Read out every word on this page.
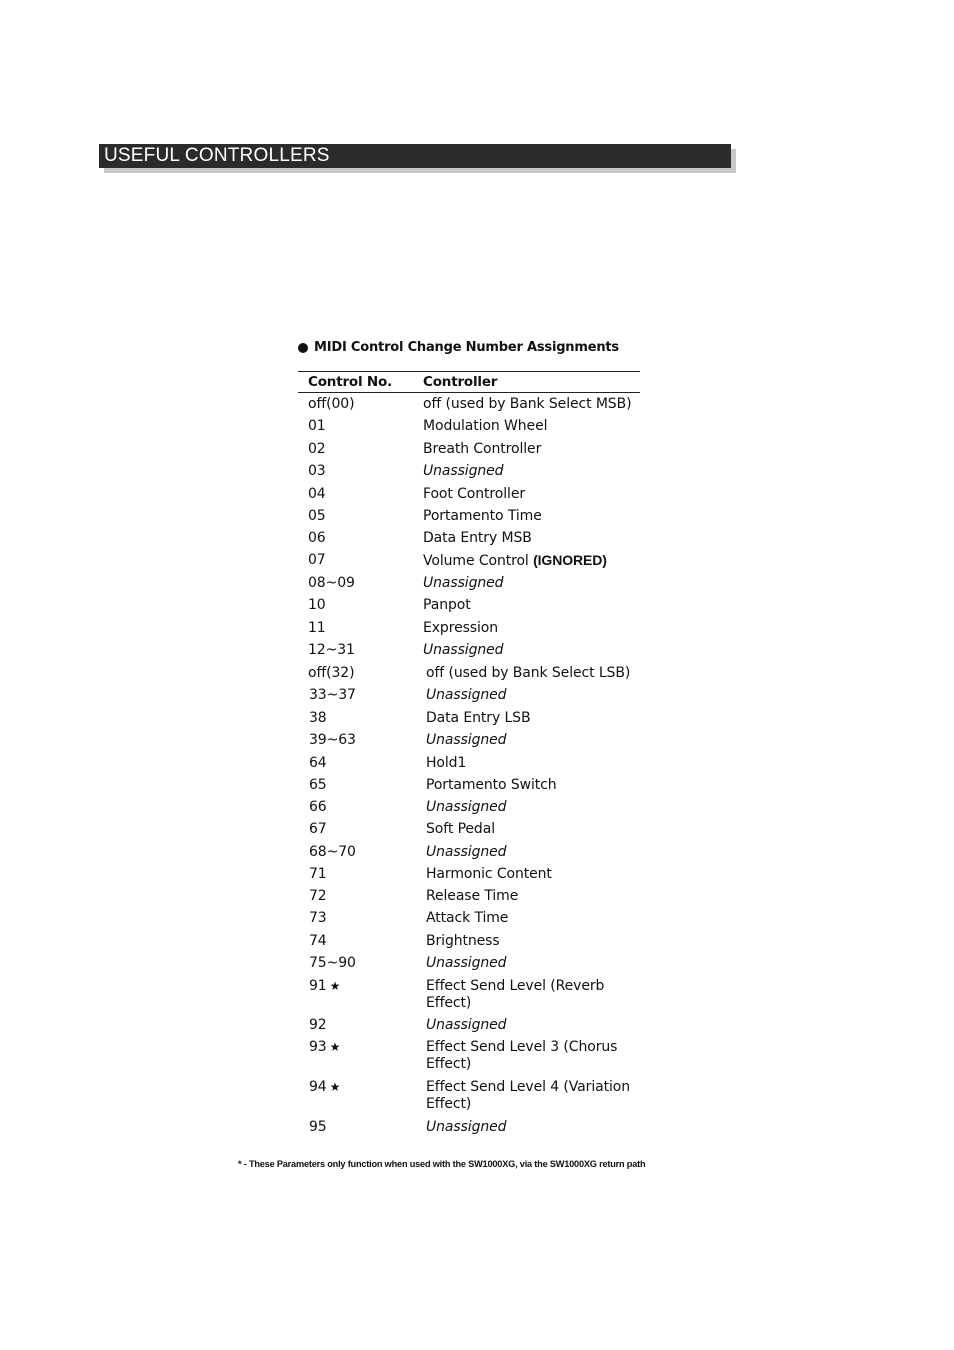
USEFUL CONTROLLERS
MIDI Control Change Number Assignments
Control No. Controller
off(00)	off (used by Bank Select MSB)
01	Modulation Wheel
02	Breath Controller
03	Unassigned
04	Foot Controller
05	Portamento Time
06	Data Entry MSB
07	Volume Control (IGNORED)
08~09	Unassigned
10	Panpot
11	Expression
12~31	Unassigned
off(32)	off (used by Bank Select LSB)
33~37	Unassigned
38	Data Entry LSB
39~63	Unassigned
64	Hold1
65	Portamento Switch
66	Unassigned
67	Soft Pedal
68~70	Unassigned
71	Harmonic Content
72	Release Time
73	Attack Time
74	Brightness
75~90	Unassigned
91 ★	Effect Send Level (Reverb Effect)
92	Unassigned
93 ★	Effect Send Level 3 (Chorus Effect)
94 ★	Effect Send Level 4 (Variation Effect)
95	Unassigned
* - These Parameters only function when used with the SW1000XG, via the SW1000XG return path
